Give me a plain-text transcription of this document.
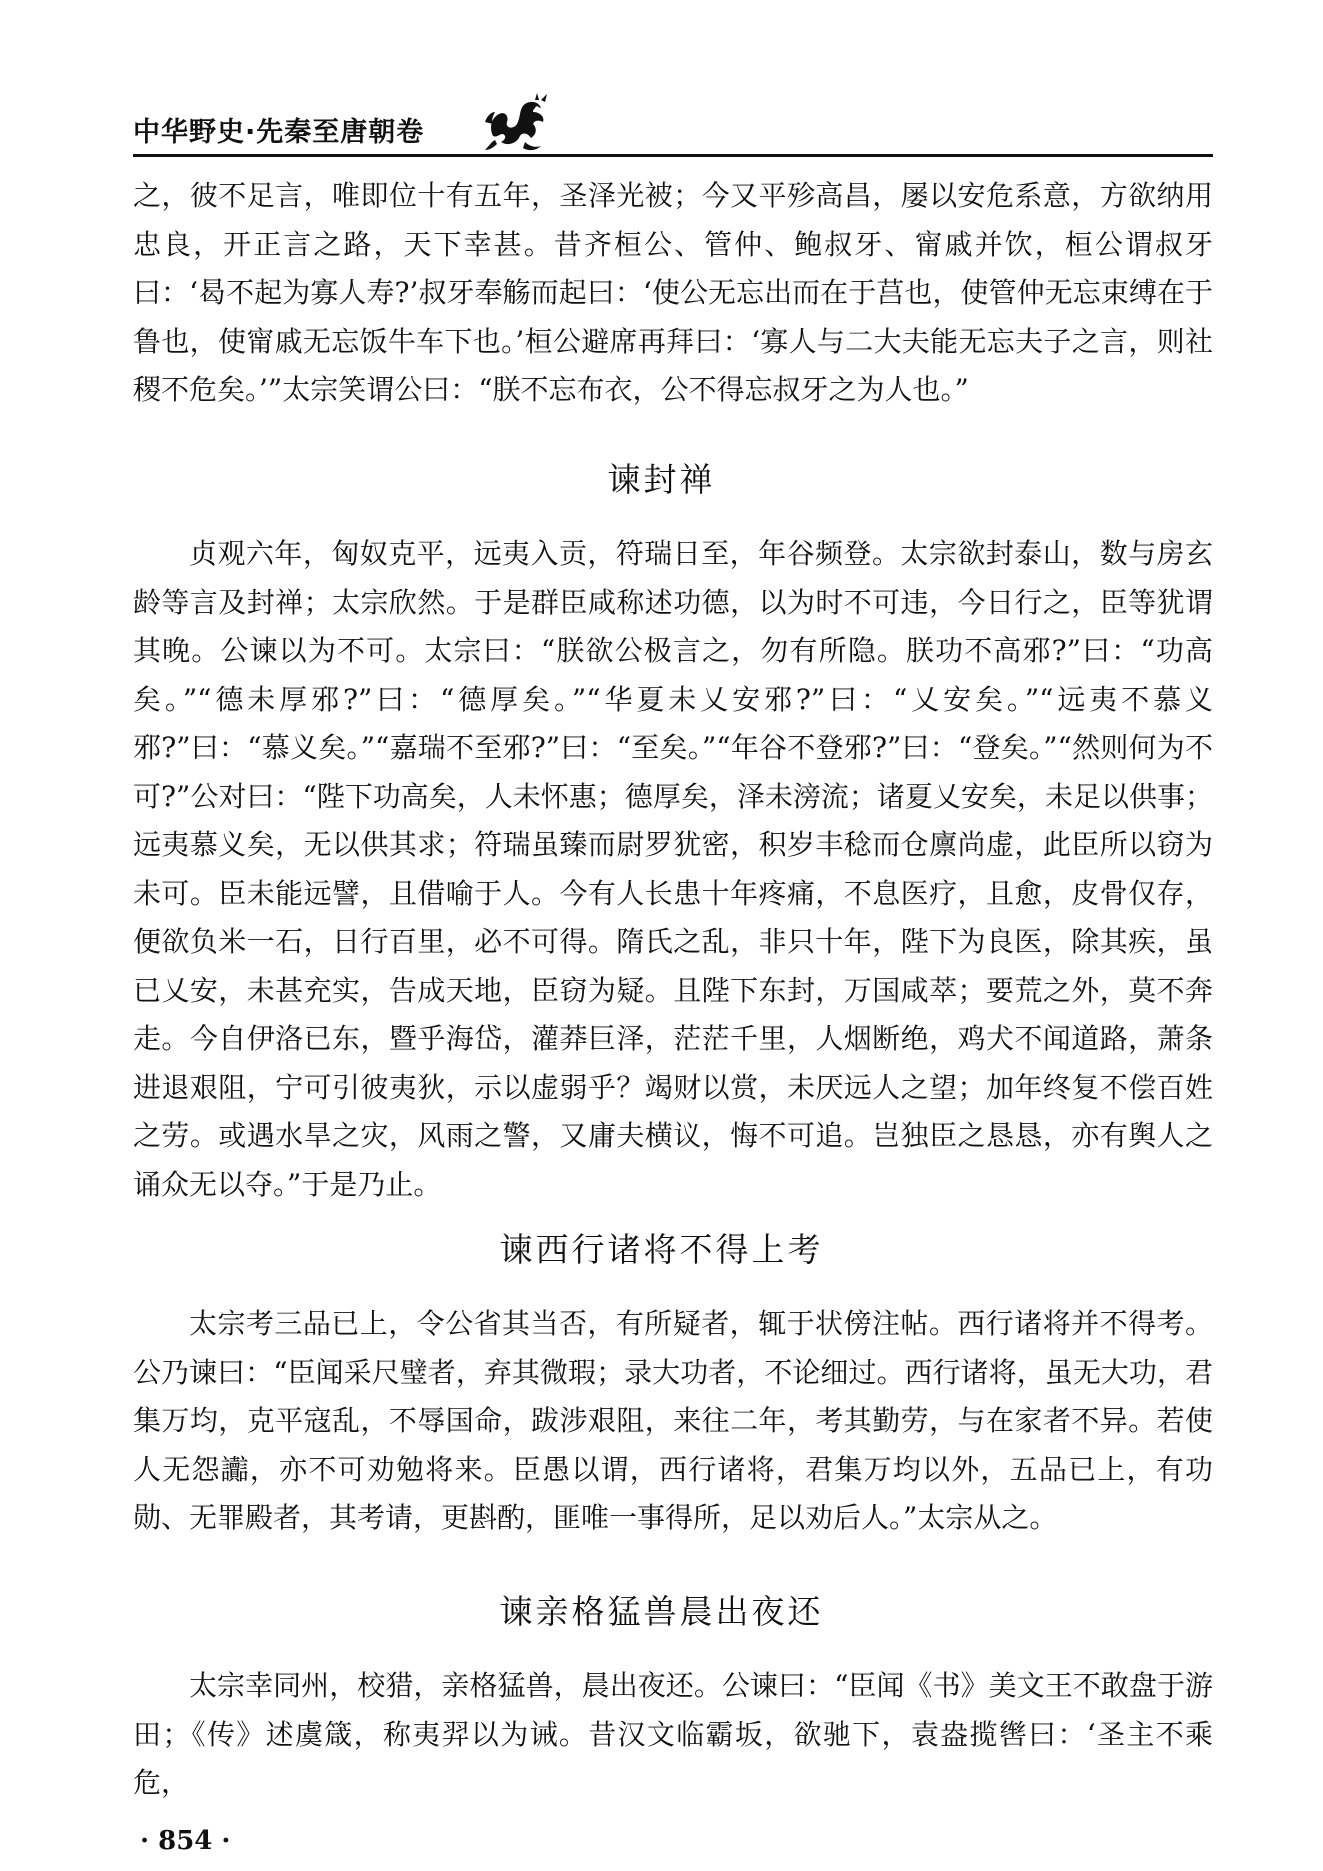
中华野史·先秦至唐朝卷

之，彼不足言，唯即位十有五年，圣泽光被；今又平殄高昌，屡以安危系意，方欲纳用忠良，开正言之路，天下幸甚。昔齐桓公、管仲、鲍叔牙、甯戚并饮，桓公谓叔牙曰：‘曷不起为寡人寿?’叔牙奉觞而起曰：‘使公无忘出而在于莒也，使管仲无忘束缚在于鲁也，使甯戚无忘饭牛车下也。’桓公避席再拜曰：‘寡人与二大夫能无忘夫子之言，则社稷不危矣。’”太宗笑谓公曰：“朕不忘布衣，公不得忘叔牙之为人也。”

谏封禅

贞观六年，匈奴克平，远夷入贡，符瑞日至，年谷频登。太宗欲封泰山，数与房玄龄等言及封禅；太宗欣然。于是群臣咸称述功德，以为时不可违，今日行之，臣等犹谓其晚。公谏以为不可。太宗曰：“朕欲公极言之，勿有所隐。朕功不高邪?”曰：“功高矣。”“德未厚邪?”曰：“德厚矣。”“华夏未乂安邪?”曰：“乂安矣。”“远夷不慕义邪?”曰：“慕义矣。”“嘉瑞不至邪?”曰：“至矣。”“年谷不登邪?”曰：“登矣。”“然则何为不可?”公对曰：“陛下功高矣，人未怀惠；德厚矣，泽未滂流；诸夏乂安矣，未足以供事；远夷慕义矣，无以供其求；符瑞虽臻而尉罗犹密，积岁丰稔而仓廪尚虚，此臣所以窃为未可。臣未能远譬，且借喻于人。今有人长患十年疼痛，不息医疗，且愈，皮骨仅存，便欲负米一石，日行百里，必不可得。隋氏之乱，非只十年，陛下为良医，除其疾，虽已乂安，未甚充实，告成天地，臣窃为疑。且陛下东封，万国咸萃；要荒之外，莫不奔走。今自伊洛已东，暨乎海岱，灌莽巨泽，茫茫千里，人烟断绝，鸡犬不闻道路，萧条进退艰阻，宁可引彼夷狄，示以虚弱乎？竭财以赏，未厌远人之望；加年终复不偿百姓之劳。或遇水旱之灾，风雨之警，又庸夫横议，悔不可追。岂独臣之恳恳，亦有舆人之诵众无以夺。”于是乃止。

谏西行诸将不得上考

太宗考三品已上，令公省其当否，有所疑者，辄于状傍注帖。西行诸将并不得考。公乃谏曰：“臣闻采尺璧者，弃其微瑕；录大功者，不论细过。西行诸将，虽无大功，君集万均，克平寇乱，不辱国命，跋涉艰阻，来往二年，考其勤劳，与在家者不异。若使人无怨讟，亦不可劝勉将来。臣愚以谓，西行诸将，君集万均以外，五品已上，有功勋、无罪殿者，其考请，更斟酌，匪唯一事得所，足以劝后人。”太宗从之。

谏亲格猛兽晨出夜还

太宗幸同州，校猎，亲格猛兽，晨出夜还。公谏曰：“臣闻《书》美文王不敢盘于游田；《传》述虞箴，称夷羿以为诫。昔汉文临霸坂，欲驰下，袁盎揽辔曰：‘圣主不乘危，

· 854 ·
